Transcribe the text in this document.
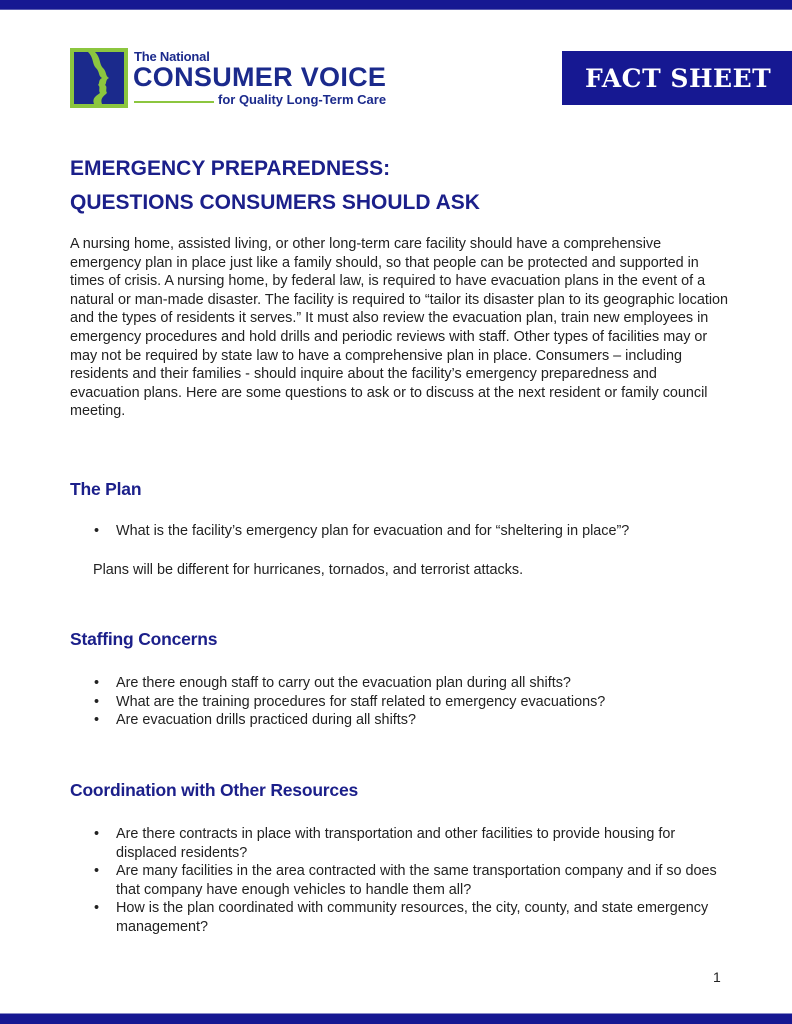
The National
CONSUMER VOICE
for Quality Long-Term Care
FACT SHEET
EMERGENCY PREPAREDNESS:
QUESTIONS CONSUMERS SHOULD ASK

A nursing home, assisted living, or other long-term care facility should have a comprehensive emergency plan in place just like a family should, so that people can be protected and supported in times of crisis. A nursing home, by federal law, is required to have evacuation plans in the event of a natural or man-made disaster. The facility is required to “tailor its disaster plan to its geographic location and the types of residents it serves.” It must also review the evacuation plan, train new employees in emergency procedures and hold drills and periodic reviews with staff. Other types of facilities may or may not be required by state law to have a comprehensive plan in place. Consumers – including residents and their families - should inquire about the facility’s emergency preparedness and evacuation plans. Here are some questions to ask or to discuss at the next resident or family council meeting.

The Plan
• What is the facility’s emergency plan for evacuation and for “sheltering in place”?
Plans will be different for hurricanes, tornados, and terrorist attacks.
Staffing Concerns
• Are there enough staff to carry out the evacuation plan during all shifts?
• What are the training procedures for staff related to emergency evacuations?
• Are evacuation drills practiced during all shifts?
Coordination with Other Resources
• Are there contracts in place with transportation and other facilities to provide housing for displaced residents?
• Are many facilities in the area contracted with the same transportation company and if so does that company have enough vehicles to handle them all?
• How is the plan coordinated with community resources, the city, county, and state emergency management?
1
